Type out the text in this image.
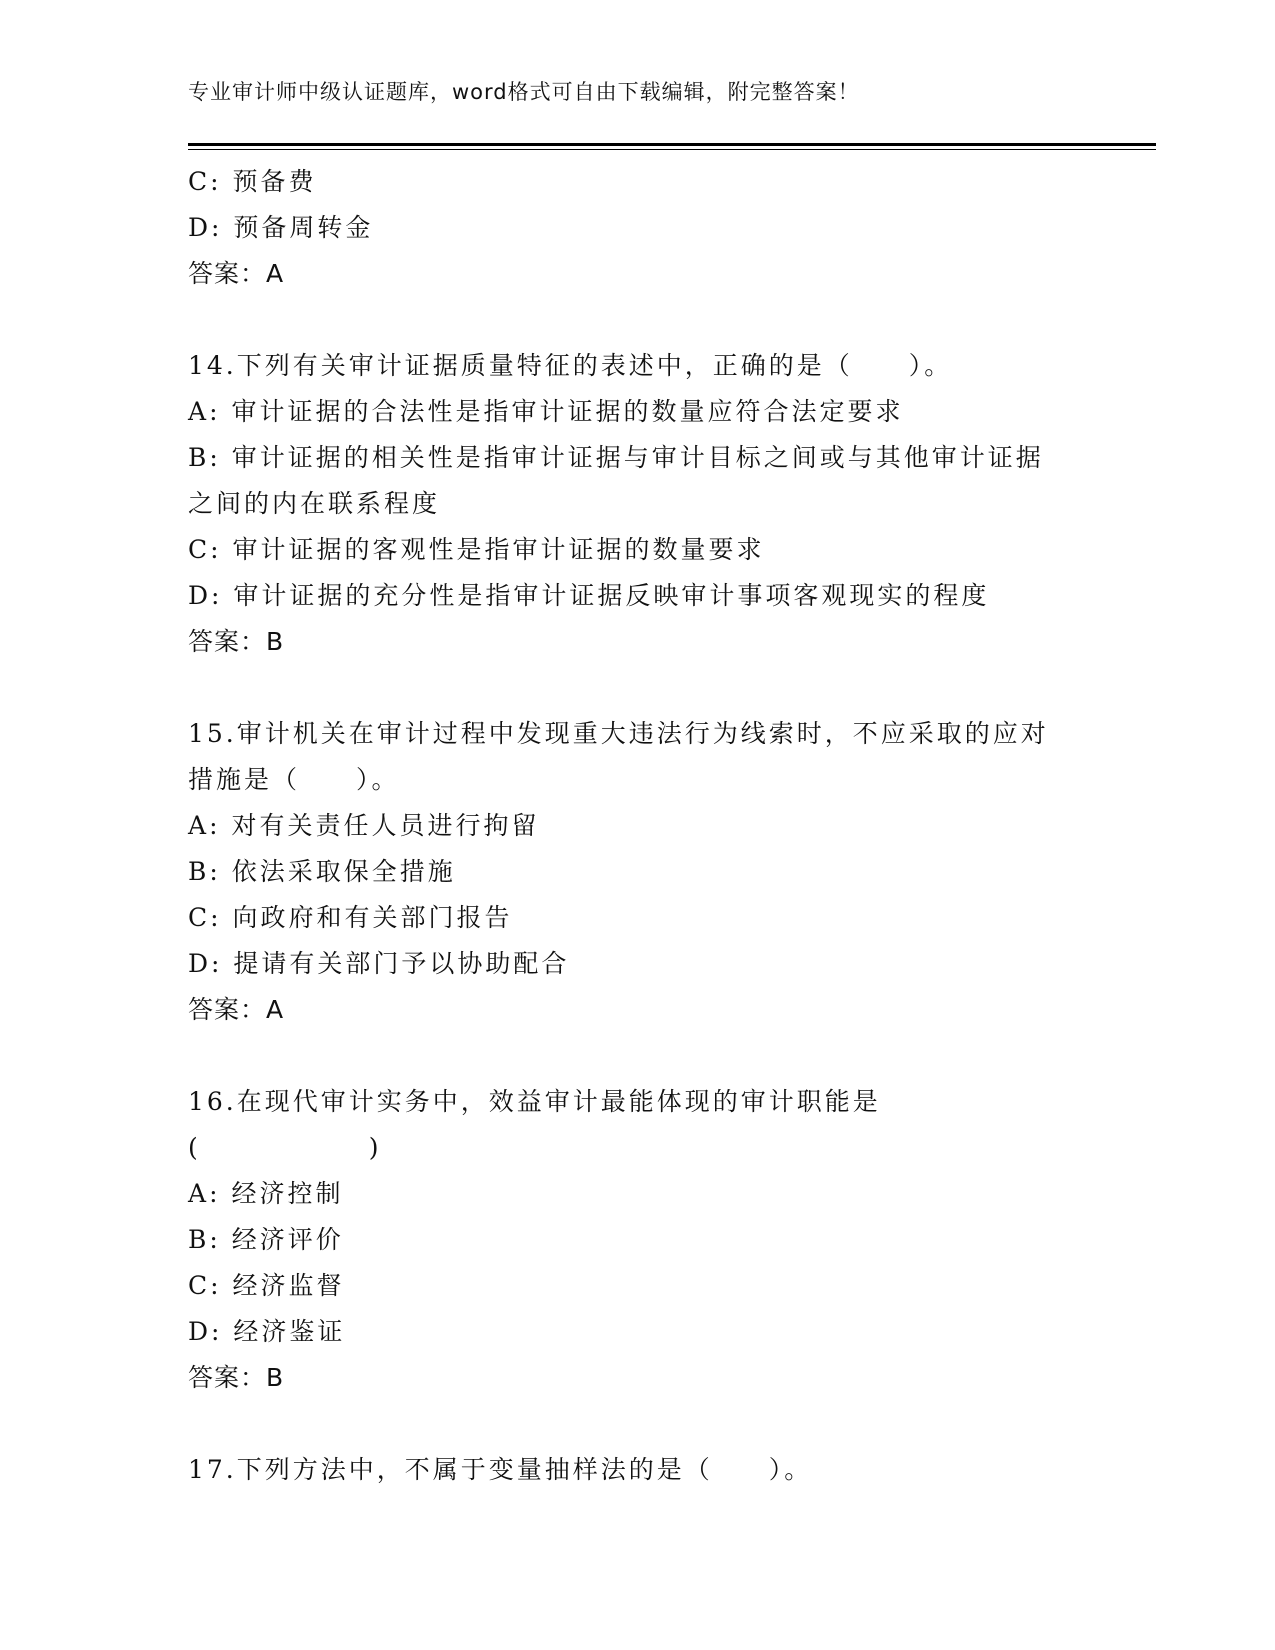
专业审计师中级认证题库，word格式可自由下载编辑，附完整答案！
C: 预备费
D: 预备周转金
答案：A
14.下列有关审计证据质量特征的表述中，正确的是（　　）。
A: 审计证据的合法性是指审计证据的数量应符合法定要求
B: 审计证据的相关性是指审计证据与审计目标之间或与其他审计证据
之间的内在联系程度
C: 审计证据的客观性是指审计证据的数量要求
D: 审计证据的充分性是指审计证据反映审计事项客观现实的程度
答案：B
15.审计机关在审计过程中发现重大违法行为线索时，不应采取的应对
措施是（　　）。
A: 对有关责任人员进行拘留
B: 依法采取保全措施
C: 向政府和有关部门报告
D: 提请有关部门予以协助配合
答案：A
16.在现代审计实务中，效益审计最能体现的审计职能是
(　　　　　　)
A: 经济控制
B: 经济评价
C: 经济监督
D: 经济鉴证
答案：B
17.下列方法中，不属于变量抽样法的是（　　）。
